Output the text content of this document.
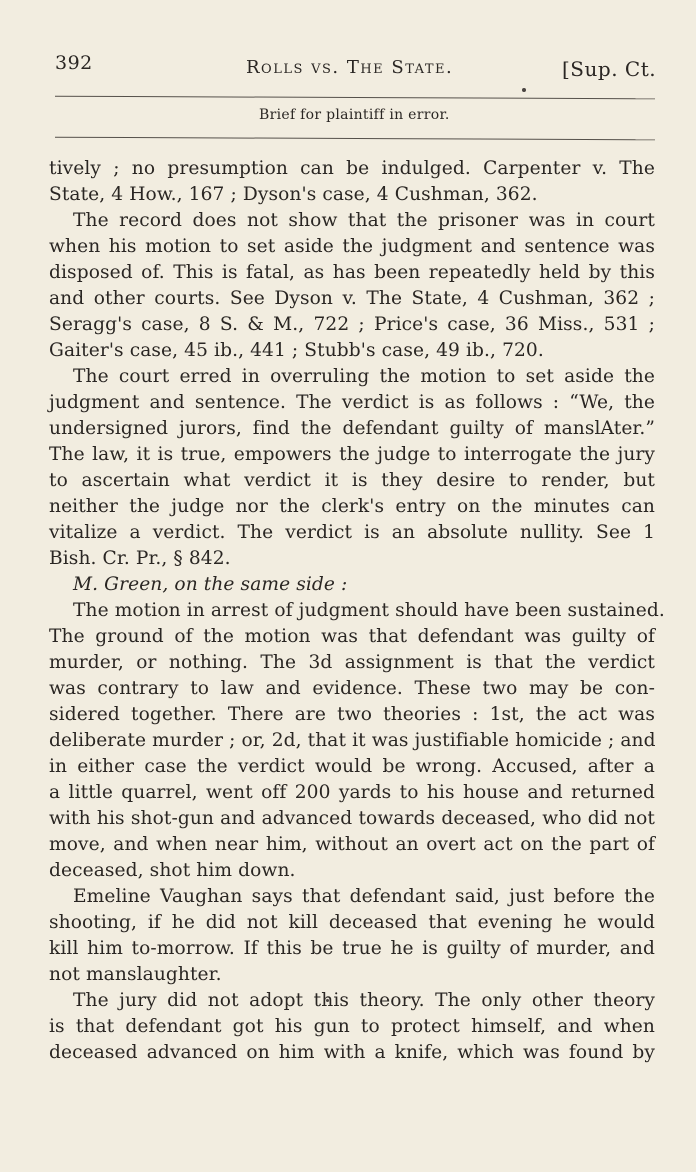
392	Rolls vs. The State.	[Sup. Ct.
Brief for plaintiff in error.
tively ; no presumption can be indulged. Carpenter v. The
State, 4 How., 167 ; Dyson's case, 4 Cushman, 362.
The record does not show that the prisoner was in court
when his motion to set aside the judgment and sentence was
disposed of. This is fatal, as has been repeatedly held by this
and other courts. See Dyson v. The State, 4 Cushman, 362 ;
Seragg's case, 8 S. & M., 722 ; Price's case, 36 Miss., 531 ;
Gaiter's case, 45 ib., 441 ; Stubb's case, 49 ib., 720.
The court erred in overruling the motion to set aside the
judgment and sentence. The verdict is as follows : “We, the
undersigned jurors, find the defendant guilty of manslAter.”
The law, it is true, empowers the judge to interrogate the jury
to ascertain what verdict it is they desire to render, but
neither the judge nor the clerk's entry on the minutes can
vitalize a verdict. The verdict is an absolute nullity. See 1
Bish. Cr. Pr., § 842.
M. Green, on the same side :
The motion in arrest of judgment should have been sustained.
The ground of the motion was that defendant was guilty of
murder, or nothing. The 3d assignment is that the verdict
was contrary to law and evidence. These two may be con-
sidered together. There are two theories : 1st, the act was
deliberate murder ; or, 2d, that it was justifiable homicide ; and
in either case the verdict would be wrong. Accused, after a
a little quarrel, went off 200 yards to his house and returned
with his shot-gun and advanced towards deceased, who did not
move, and when near him, without an overt act on the part of
deceased, shot him down.
Emeline Vaughan says that defendant said, just before the
shooting, if he did not kill deceased that evening he would
kill him to-morrow. If this be true he is guilty of murder, and
not manslaughter.
The jury did not adopt this theory. The only other theory
is that defendant got his gun to protect himself, and when
deceased advanced on him with a knife, which was found by
